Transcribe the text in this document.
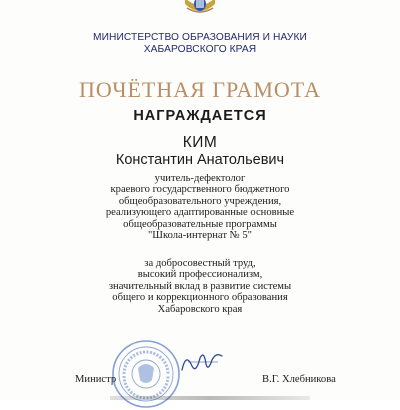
МИНИСТЕРСТВО ОБРАЗОВАНИЯ И НАУКИ
ХАБАРОВСКОГО КРАЯ
ПОЧЁТНАЯ ГРАМОТА
НАГРАЖДАЕТСЯ
КИМ
Константин Анатольевич
учитель-дефектолог
краевого государственного бюджетного
общеобразовательного учреждения,
реализующего адаптированные основные
общеобразовательные программы
"Школа-интернат № 5"
за добросовестный труд,
высокий профессионализм,
значительный вклад в развитие системы
общего и коррекционного образования
Хабаровского края
Министр	В.Г. Хлебникова
